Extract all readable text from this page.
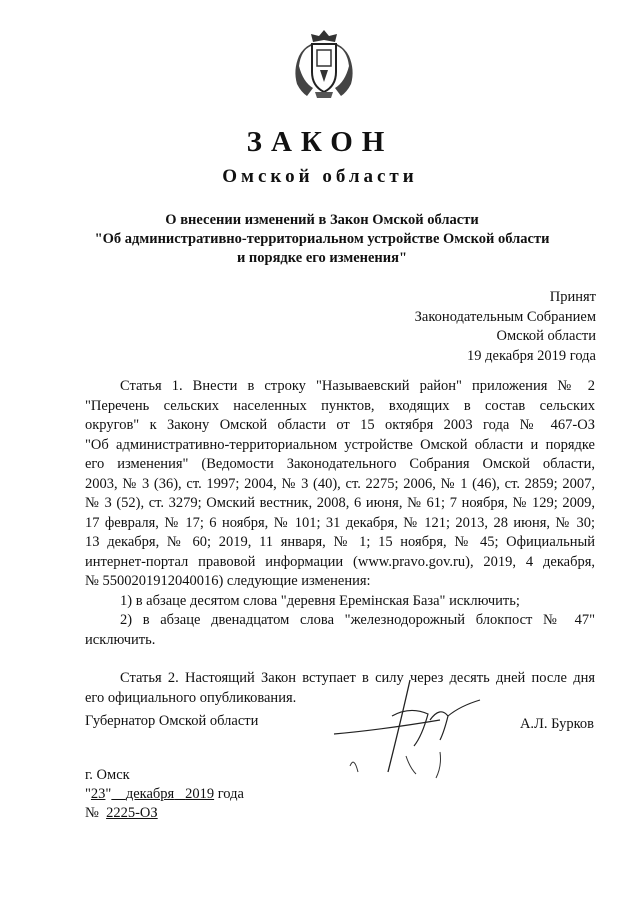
ЗАКОН
Омской области
О внесении изменений в Закон Омской области
"Об административно-территориальном устройстве Омской области
и порядке его изменения"
Принят
Законодательным Собранием
Омской области
19 декабря 2019 года

Статья 1. Внести в строку "Называевский район" приложения № 2
"Перечень сельских населенных пунктов, входящих в состав сельских
округов" к Закону Омской области от 15 октября 2003 года № 467-ОЗ
"Об административно-территориальном устройстве Омской области и порядке
его изменения" (Ведомости Законодательного Собрания Омской области,
2003, № 3 (36), ст. 1997; 2004, № 3 (40), ст. 2275; 2006, № 1 (46), ст. 2859; 2007,
№ 3 (52), ст. 3279; Омский вестник, 2008, 6 июня, № 61; 7 ноября, № 129; 2009,
17 февраля, № 17; 6 ноября, № 101; 31 декабря, № 121; 2013, 28 июня, № 30;
13 декабря, № 60; 2019, 11 января, № 1; 15 ноября, № 45; Официальный
интернет-портал правовой информации (www.pravo.gov.ru), 2019, 4 декабря,
№ 5500201912040016) следующие изменения:

1) в абзаце десятом слова "деревня Еремінская База" исключить;

2) в абзаце двенадцатом слова "железнодорожный блокпост № 47"
исключить.

Статья 2. Настоящий Закон вступает в силу через десять дней после дня
его официального опубликования.

Губернатор Омской области	А.Л. Бурков
г. Омск
"23" декабря 2019 года
№ 2225-ОЗ
